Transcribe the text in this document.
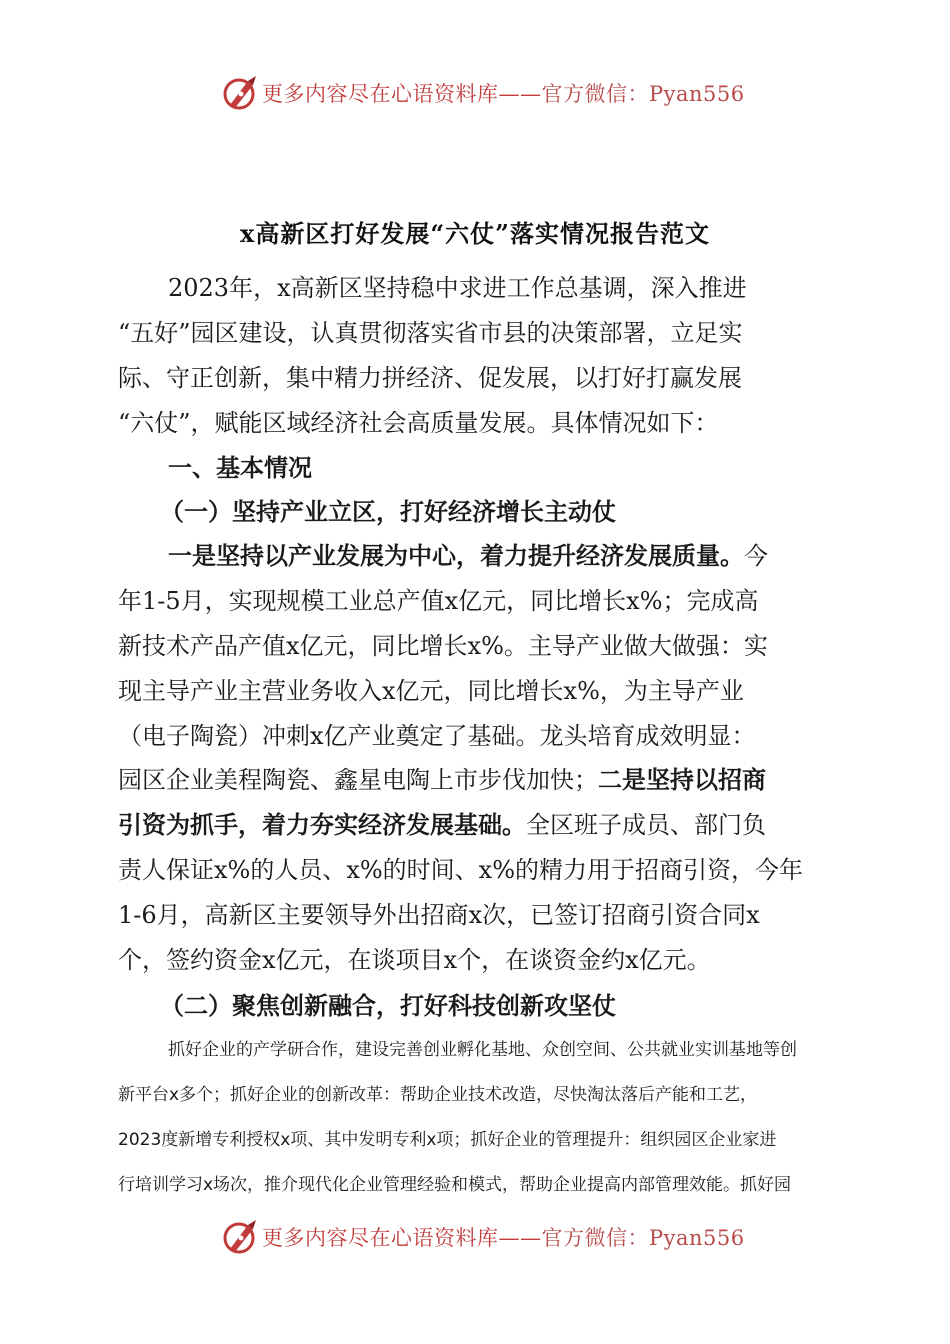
更多内容尽在心语资料库——官方微信：Pyan556
x高新区打好发展“六仗”落实情况报告范文
2023年，x高新区坚持稳中求进工作总基调，深入推进
“五好”园区建设，认真贯彻落实省市县的决策部署，立足实
际、守正创新，集中精力拼经济、促发展，以打好打赢发展
“六仗”，赋能区域经济社会高质量发展。具体情况如下：
一、基本情况
（一）坚持产业立区，打好经济增长主动仗
一是坚持以产业发展为中心，着力提升经济发展质量。今
年1-5月，实现规模工业总产值x亿元，同比增长x%；完成高
新技术产品产值x亿元，同比增长x%。主导产业做大做强：实
现主导产业主营业务收入x亿元，同比增长x%，为主导产业
（电子陶瓷）冲刺x亿产业奠定了基础。龙头培育成效明显：
园区企业美程陶瓷、鑫星电陶上市步伐加快；二是坚持以招商
引资为抓手，着力夯实经济发展基础。全区班子成员、部门负
责人保证x%的人员、x%的时间、x%的精力用于招商引资，今年
1-6月，高新区主要领导外出招商x次，已签订招商引资合同x
个，签约资金x亿元，在谈项目x个，在谈资金约x亿元。
（二）聚焦创新融合，打好科技创新攻坚仗
抓好企业的产学研合作，建设完善创业孵化基地、众创空间、公共就业实训基地等创
新平台x多个；抓好企业的创新改革：帮助企业技术改造，尽快淘汰落后产能和工艺，
2023度新增专利授权x项、其中发明专利x项；抓好企业的管理提升：组织园区企业家进
行培训学习x场次，推介现代化企业管理经验和模式，帮助企业提高内部管理效能。抓好园
更多内容尽在心语资料库——官方微信：Pyan556
